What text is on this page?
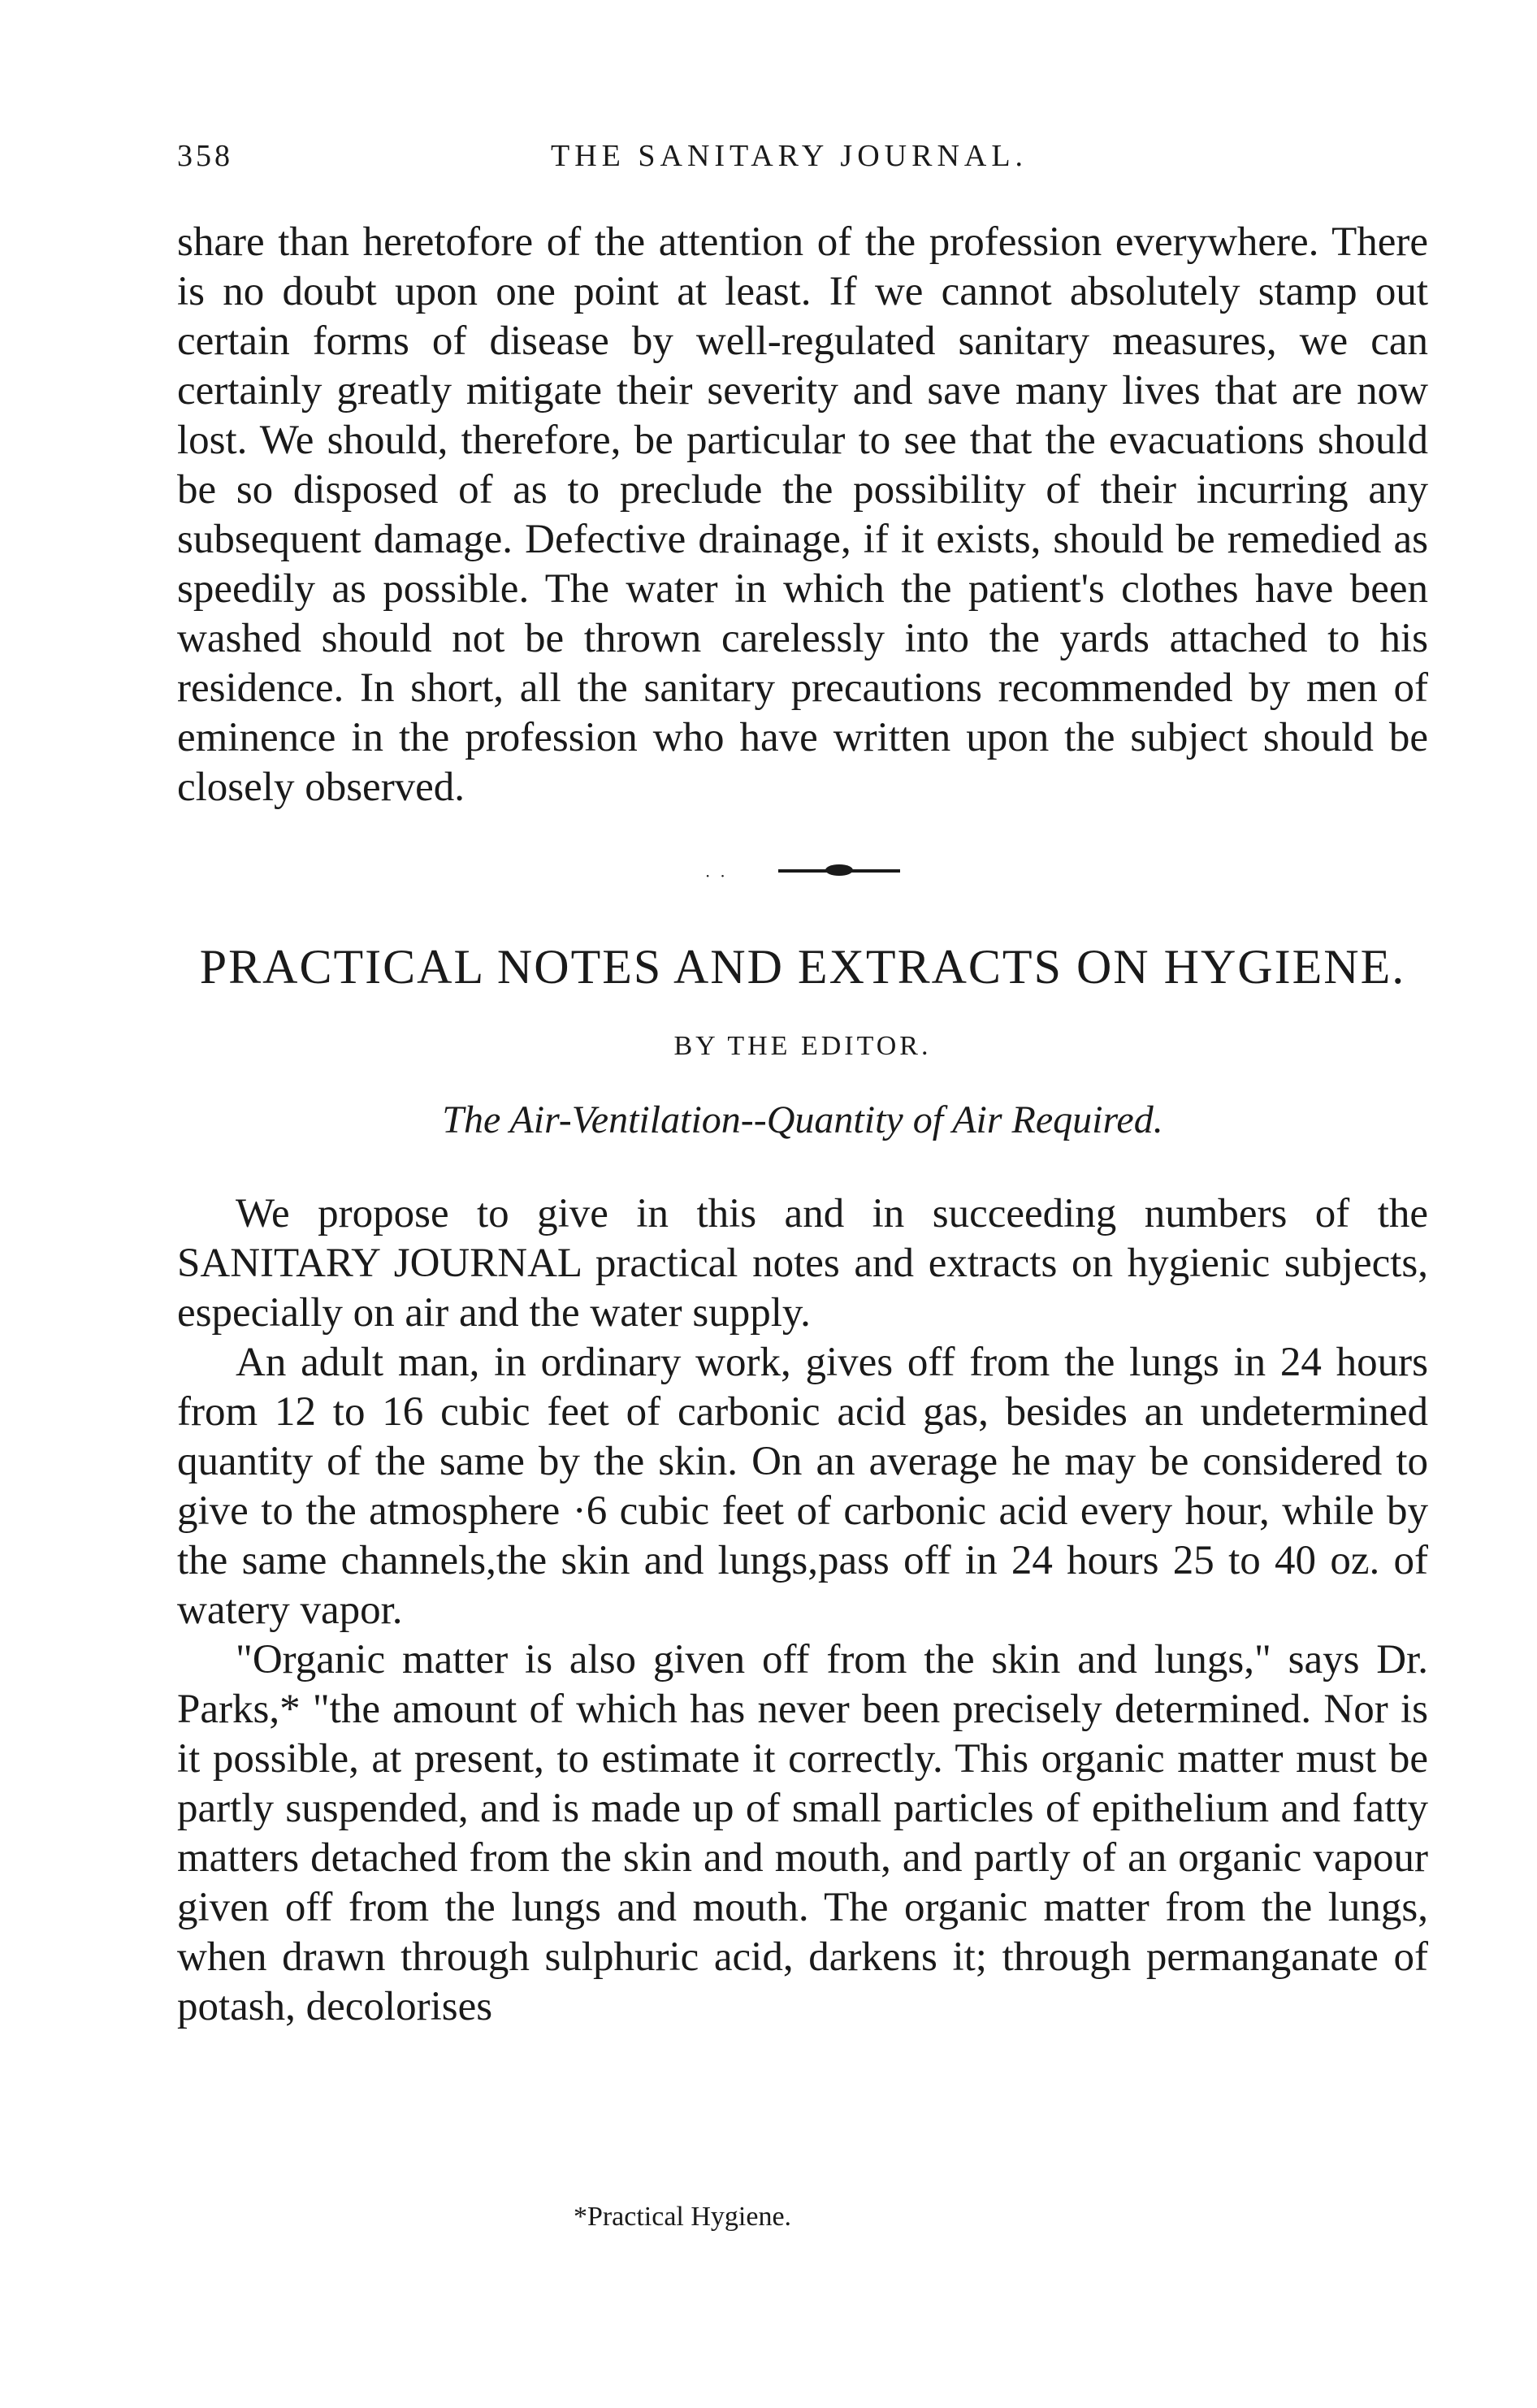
358	THE SANITARY JOURNAL.

share than heretofore of the attention of the profession everywhere. There is no doubt upon one point at least. If we cannot absolutely stamp out certain forms of disease by well-regulated sanitary measures, we can certainly greatly mitigate their severity and save many lives that are now lost. We should, therefore, be particular to see that the evacuations should be so disposed of as to preclude the possibility of their incurring any subsequent damage. Defective drainage, if it exists, should be remedied as speedily as possible. The water in which the patient's clothes have been washed should not be thrown carelessly into the yards attached to his residence. In short, all the sanitary precautions recommended by men of eminence in the profession who have written upon the subject should be closely observed.

··
PRACTICAL NOTES AND EXTRACTS ON HYGIENE.
BY THE EDITOR.
The Air-Ventilation--Quantity of Air Required.

We propose to give in this and in succeeding numbers of the SANITARY JOURNAL practical notes and extracts on hygienic subjects, especially on air and the water supply.

An adult man, in ordinary work, gives off from the lungs in 24 hours from 12 to 16 cubic feet of carbonic acid gas, besides an undetermined quantity of the same by the skin. On an average he may be considered to give to the atmosphere ·6 cubic feet of carbonic acid every hour, while by the same channels,the skin and lungs,pass off in 24 hours 25 to 40 oz. of watery vapor.

"Organic matter is also given off from the skin and lungs," says Dr. Parks,* "the amount of which has never been precisely determined. Nor is it possible, at present, to estimate it correctly. This organic matter must be partly suspended, and is made up of small particles of epithelium and fatty matters detached from the skin and mouth, and partly of an organic vapour given off from the lungs and mouth. The organic matter from the lungs, when drawn through sulphuric acid, darkens it; through permanganate of potash, decolorises

*Practical Hygiene.
